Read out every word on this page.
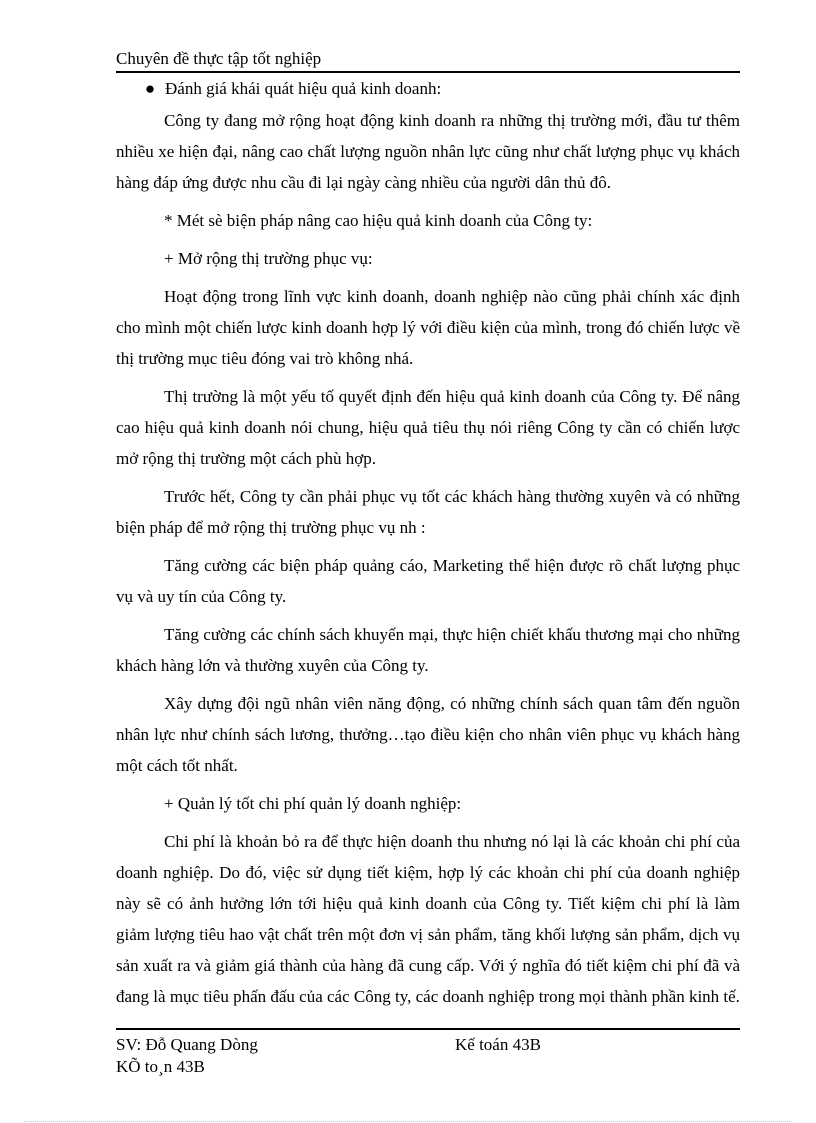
Chuyên đề thực tập tốt nghiệp
● Đánh giá khái quát hiệu quả kinh doanh:

Công ty đang mở rộng hoạt động kinh doanh ra những thị trường mới, đầu tư thêm nhiều xe hiện đại, nâng cao chất lượng nguồn nhân lực cũng như chất lượng phục vụ khách hàng đáp ứng được nhu cầu đi lại ngày càng nhiều của người dân thủ đô.

* Mét sè biện pháp nâng cao hiệu quả kinh doanh của Công ty:

+ Mở rộng thị trường phục vụ:

Hoạt động trong lĩnh vực kinh doanh, doanh nghiệp nào cũng phải chính xác định cho mình một chiến lược kinh doanh hợp lý với điều kiện của mình, trong đó chiến lược về thị trường mục tiêu đóng vai trò không nhá.

Thị trường là một yếu tố quyết định đến hiệu quả kinh doanh của Công ty. Để nâng cao hiệu quả kinh doanh nói chung, hiệu quả tiêu thụ nói riêng Công ty cần có chiến lược mở rộng thị trường một cách phù hợp.

Trước hết, Công ty cần phải phục vụ tốt các khách hàng thường xuyên và có những biện pháp để mở rộng thị trường phục vụ nh :

Tăng cường các biện pháp quảng cáo, Marketing thể hiện được rõ chất lượng phục vụ và uy tín của Công ty.

Tăng cường các chính sách khuyến mại, thực hiện chiết khấu thương mại cho những khách hàng lớn và thường xuyên của Công ty.

Xây dựng đội ngũ nhân viên năng động, có những chính sách quan tâm đến nguồn nhân lực như chính sách lương, thưởng…tạo điều kiện cho nhân viên phục vụ khách hàng một cách tốt nhất.

+ Quản lý tốt chi phí quản lý doanh nghiệp:

Chi phí là khoản bỏ ra để thực hiện doanh thu nhưng nó lại là các khoản chi phí của doanh nghiệp. Do đó, việc sử dụng tiết kiệm, hợp lý các khoản chi phí của doanh nghiệp này sẽ có ảnh hưởng lớn tới hiệu quả kinh doanh của Công ty. Tiết kiệm chi phí là làm giảm lượng tiêu hao vật chất trên một đơn vị sản phẩm, tăng khối lượng sản phẩm, dịch vụ sản xuất ra và giảm giá thành của hàng đã cung cấp. Với ý nghĩa đó tiết kiệm chi phí đã và đang là mục tiêu phấn đấu của các Công ty, các doanh nghiệp trong mọi thành phần kinh tế.

SV: Đỗ Quang Dòng	Kế toán 43B
KÕ to¸n 43B
